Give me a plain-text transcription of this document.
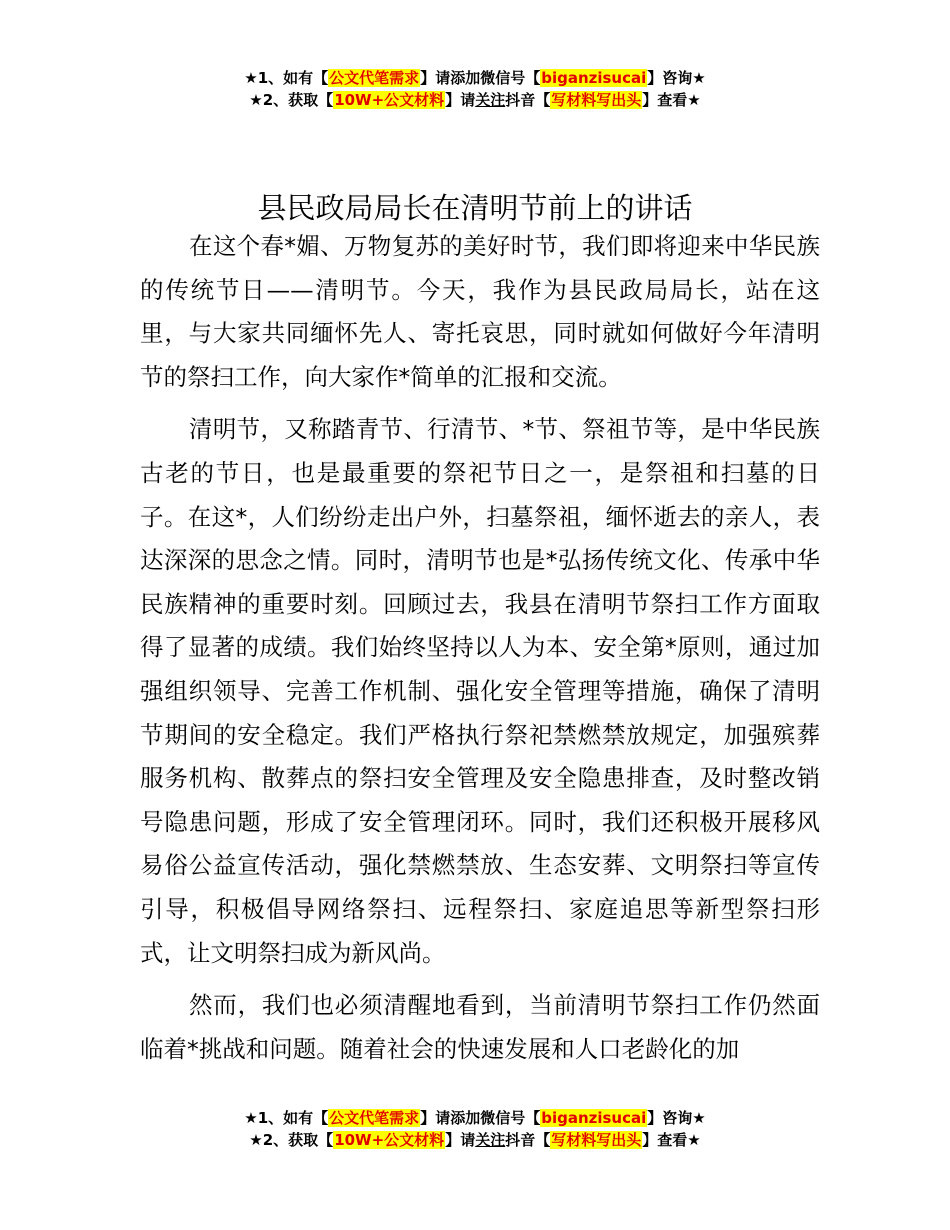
★1、如有【公文代笔需求】请添加微信号【biganzisucai】咨询★
★2、获取【10W+公文材料】请关注抖音【写材料写出头】查看★
县民政局局长在清明节前上的讲话

在这个春*媚、万物复苏的美好时节，我们即将迎来中华民族的传统节日——清明节。今天，我作为县民政局局长，站在这里，与大家共同缅怀先人、寄托哀思，同时就如何做好今年清明节的祭扫工作，向大家作*简单的汇报和交流。

清明节，又称踏青节、行清节、*节、祭祖节等，是中华民族古老的节日，也是最重要的祭祀节日之一，是祭祖和扫墓的日子。在这*，人们纷纷走出户外，扫墓祭祖，缅怀逝去的亲人，表达深深的思念之情。同时，清明节也是*弘扬传统文化、传承中华民族精神的重要时刻。回顾过去，我县在清明节祭扫工作方面取得了显著的成绩。我们始终坚持以人为本、安全第*原则，通过加强组织领导、完善工作机制、强化安全管理等措施，确保了清明节期间的安全稳定。我们严格执行祭祀禁燃禁放规定，加强殡葬服务机构、散葬点的祭扫安全管理及安全隐患排查，及时整改销号隐患问题，形成了安全管理闭环。同时，我们还积极开展移风易俗公益宣传活动，强化禁燃禁放、生态安葬、文明祭扫等宣传引导，积极倡导网络祭扫、远程祭扫、家庭追思等新型祭扫形式，让文明祭扫成为新风尚。

然而，我们也必须清醒地看到，当前清明节祭扫工作仍然面临着*挑战和问题。随着社会的快速发展和人口老龄化的加

★1、如有【公文代笔需求】请添加微信号【biganzisucai】咨询★
★2、获取【10W+公文材料】请关注抖音【写材料写出头】查看★
